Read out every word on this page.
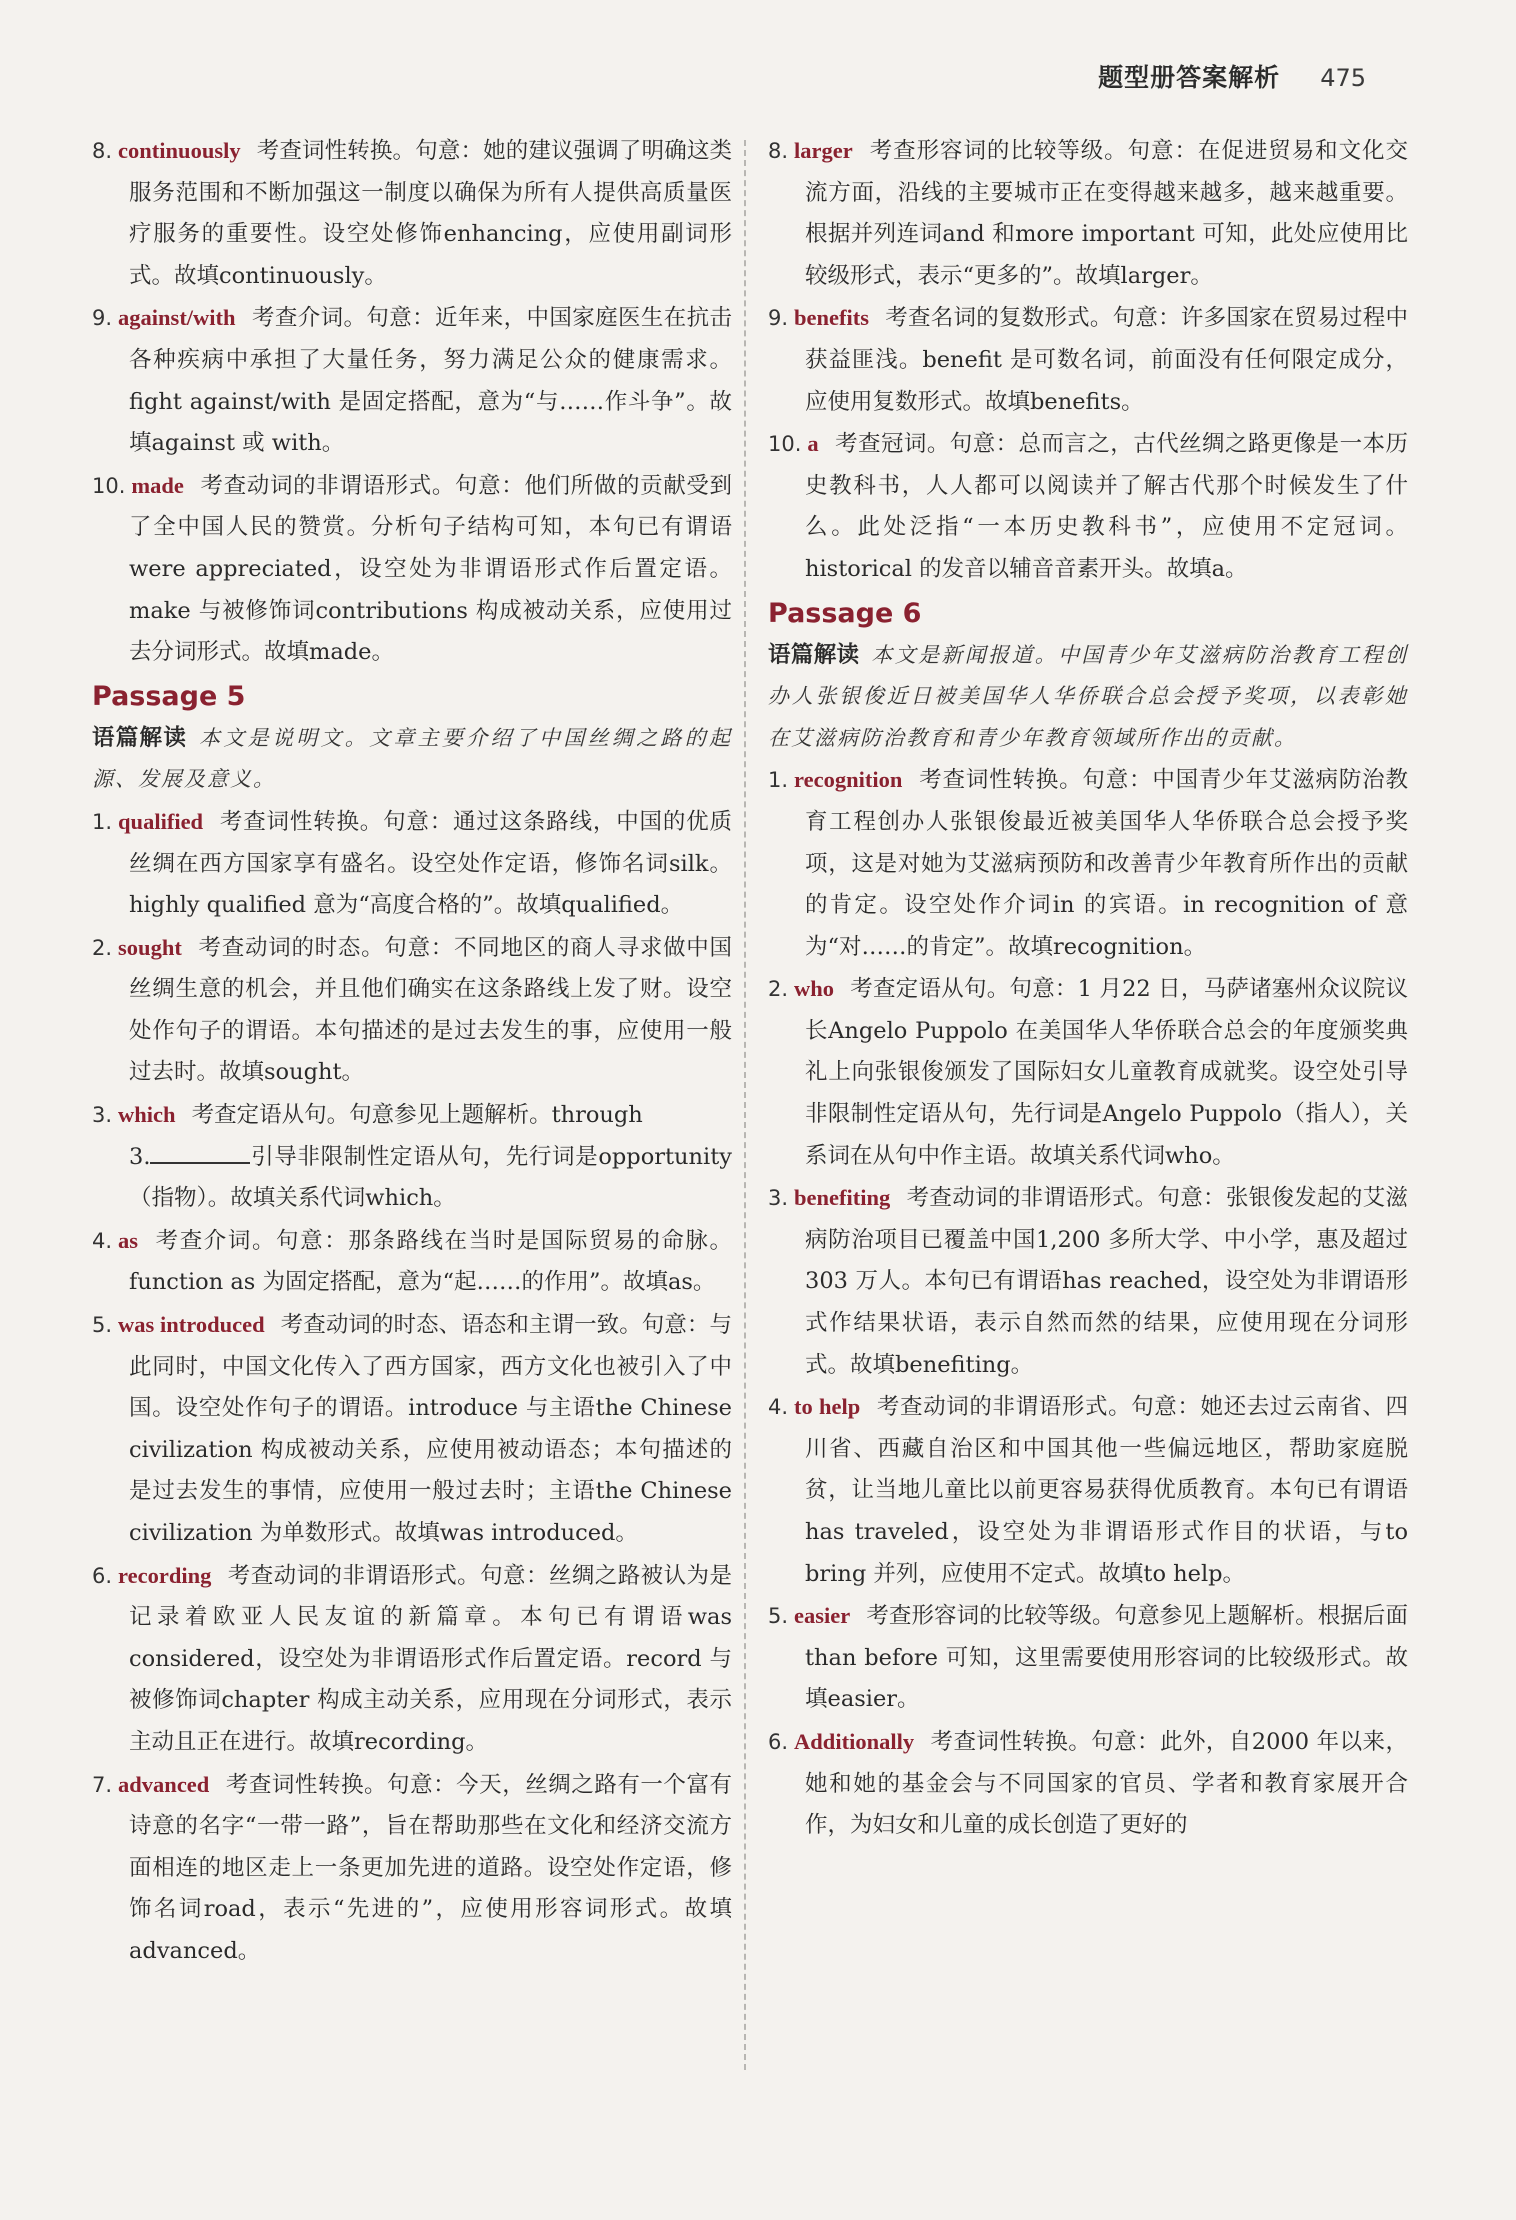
题型册答案解析 475

8. continuously 考查词性转换。句意：她的建议强调了明确这类服务范围和不断加强这一制度以确保为所有人提供高质量医疗服务的重要性。设空处修饰enhancing，应使用副词形式。故填continuously。

9. against/with 考查介词。句意：近年来，中国家庭医生在抗击各种疾病中承担了大量任务，努力满足公众的健康需求。fight against/with 是固定搭配，意为“与……作斗争”。故填against 或 with。

10. made 考查动词的非谓语形式。句意：他们所做的贡献受到了全中国人民的赞赏。分析句子结构可知，本句已有谓语were appreciated，设空处为非谓语形式作后置定语。make 与被修饰词contributions 构成被动关系，应使用过去分词形式。故填made。

Passage 5

语篇解读 本文是说明文。文章主要介绍了中国丝绸之路的起源、发展及意义。

1. qualified 考查词性转换。句意：通过这条路线，中国的优质丝绸在西方国家享有盛名。设空处作定语，修饰名词silk。highly qualified 意为“高度合格的”。故填qualified。

2. sought 考查动词的时态。句意：不同地区的商人寻求做中国丝绸生意的机会，并且他们确实在这条路线上发了财。设空处作句子的谓语。本句描述的是过去发生的事，应使用一般过去时。故填sought。

3. which 考查定语从句。句意参见上题解析。through
3.	引导非限制性定语从句，先行词是opportunity（指物）。故填关系代词which。

4. as 考查介词。句意：那条路线在当时是国际贸易的命脉。function as 为固定搭配，意为“起……的作用”。故填as。

5. was introduced 考查动词的时态、语态和主谓一致。句意：与此同时，中国文化传入了西方国家，西方文化也被引入了中国。设空处作句子的谓语。introduce 与主语the Chinese civilization 构成被动关系，应使用被动语态；本句描述的是过去发生的事情，应使用一般过去时；主语the Chinese civilization 为单数形式。故填was introduced。

6. recording 考查动词的非谓语形式。句意：丝绸之路被认为是记录着欧亚人民友谊的新篇章。本句已有谓语was considered，设空处为非谓语形式作后置定语。record 与被修饰词chapter 构成主动关系，应用现在分词形式，表示主动且正在进行。故填recording。

7. advanced 考查词性转换。句意：今天，丝绸之路有一个富有诗意的名字“一带一路”，旨在帮助那些在文化和经济交流方面相连的地区走上一条更加先进的道路。设空处作定语，修饰名词road，表示“先进的”，应使用形容词形式。故填advanced。

8. larger 考查形容词的比较等级。句意：在促进贸易和文化交流方面，沿线的主要城市正在变得越来越多，越来越重要。根据并列连词and 和more important 可知，此处应使用比较级形式，表示“更多的”。故填larger。

9. benefits 考查名词的复数形式。句意：许多国家在贸易过程中获益匪浅。benefit 是可数名词，前面没有任何限定成分，应使用复数形式。故填benefits。

10. a 考查冠词。句意：总而言之，古代丝绸之路更像是一本历史教科书，人人都可以阅读并了解古代那个时候发生了什么。此处泛指“一本历史教科书”，应使用不定冠词。historical 的发音以辅音音素开头。故填a。

Passage 6

语篇解读 本文是新闻报道。中国青少年艾滋病防治教育工程创办人张银俊近日被美国华人华侨联合总会授予奖项，以表彰她在艾滋病防治教育和青少年教育领域所作出的贡献。

1. recognition 考查词性转换。句意：中国青少年艾滋病防治教育工程创办人张银俊最近被美国华人华侨联合总会授予奖项，这是对她为艾滋病预防和改善青少年教育所作出的贡献的肯定。设空处作介词in 的宾语。in recognition of 意为“对……的肯定”。故填recognition。

2. who 考查定语从句。句意：1 月22 日，马萨诸塞州众议院议长Angelo Puppolo 在美国华人华侨联合总会的年度颁奖典礼上向张银俊颁发了国际妇女儿童教育成就奖。设空处引导非限制性定语从句，先行词是Angelo Puppolo（指人），关系词在从句中作主语。故填关系代词who。

3. benefiting 考查动词的非谓语形式。句意：张银俊发起的艾滋病防治项目已覆盖中国1,200 多所大学、中小学，惠及超过303 万人。本句已有谓语has reached，设空处为非谓语形式作结果状语，表示自然而然的结果，应使用现在分词形式。故填benefiting。

4. to help 考查动词的非谓语形式。句意：她还去过云南省、四川省、西藏自治区和中国其他一些偏远地区，帮助家庭脱贫，让当地儿童比以前更容易获得优质教育。本句已有谓语has traveled，设空处为非谓语形式作目的状语，与to bring 并列，应使用不定式。故填to help。

5. easier 考查形容词的比较等级。句意参见上题解析。根据后面than before 可知，这里需要使用形容词的比较级形式。故填easier。

6. Additionally 考查词性转换。句意：此外，自2000 年以来，她和她的基金会与不同国家的官员、学者和教育家展开合作，为妇女和儿童的成长创造了更好的
